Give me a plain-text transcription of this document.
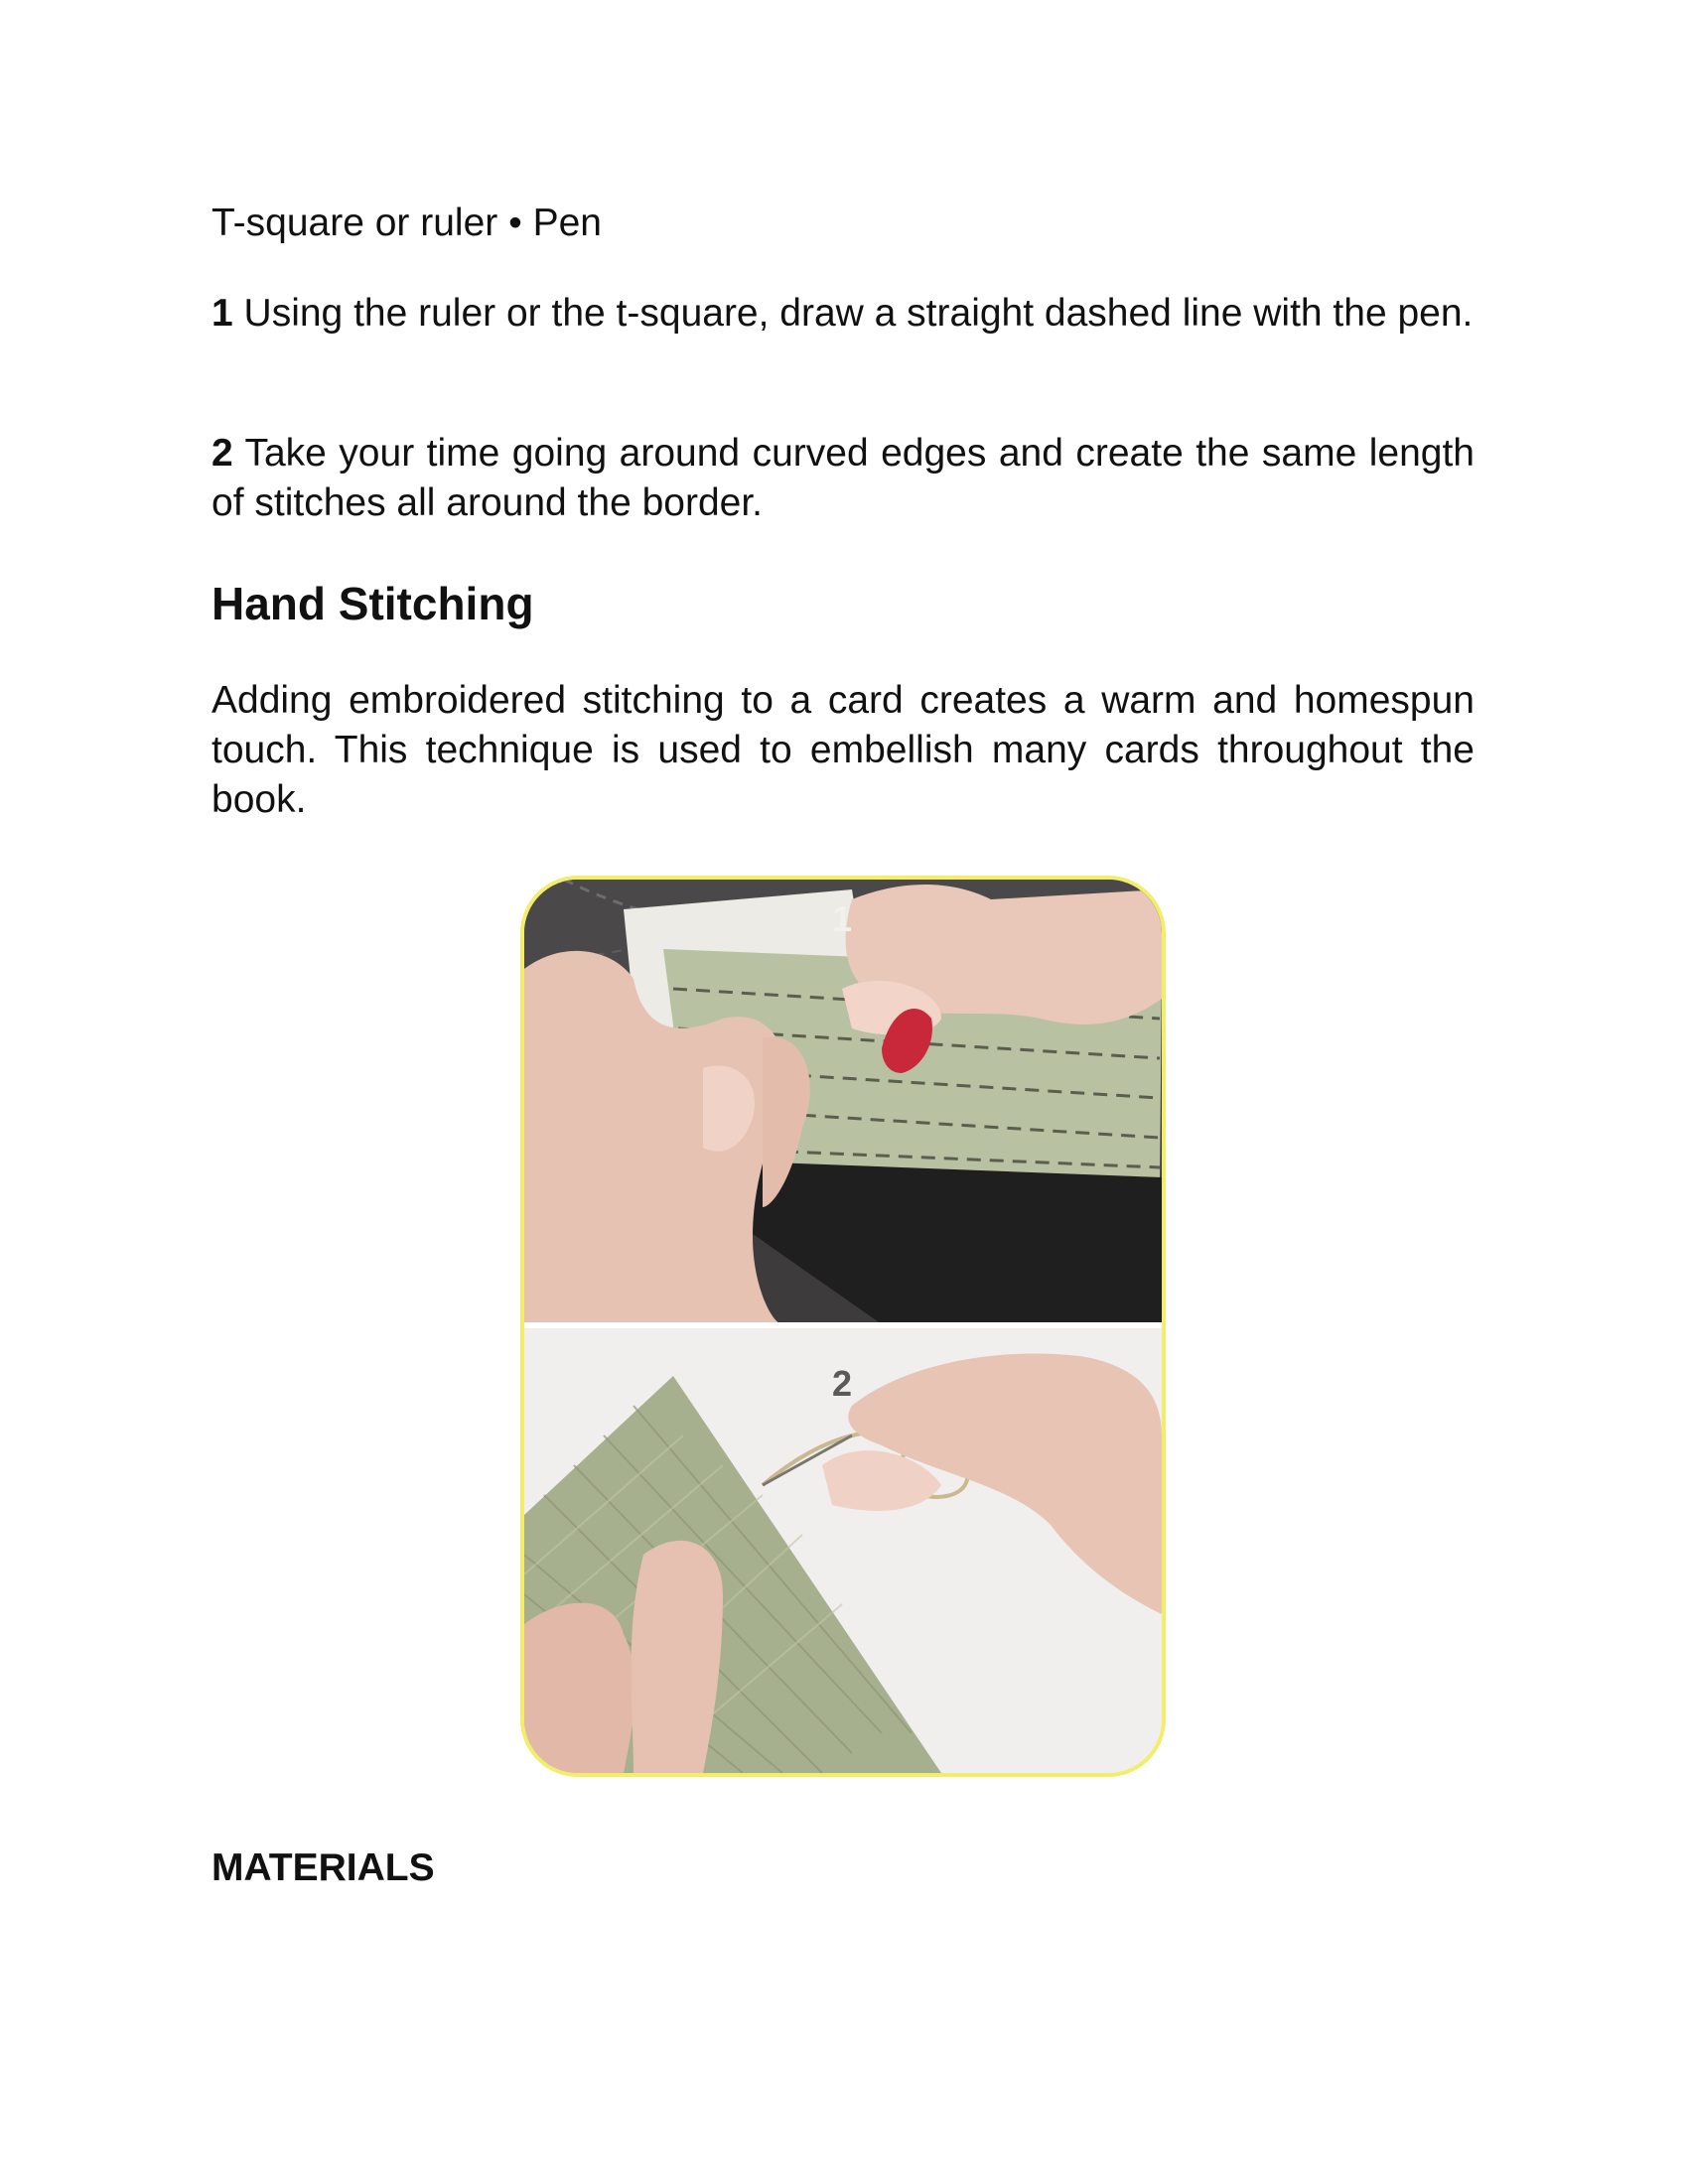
T-square or ruler • Pen

1 Using the ruler or the t-square, draw a straight dashed line with the pen.

2 Take your time going around curved edges and create the same length of stitches all around the border.

Hand Stitching

Adding embroidered stitching to a card creates a warm and homespun touch. This technique is used to embellish many cards throughout the book.

MATERIALS

1
2
